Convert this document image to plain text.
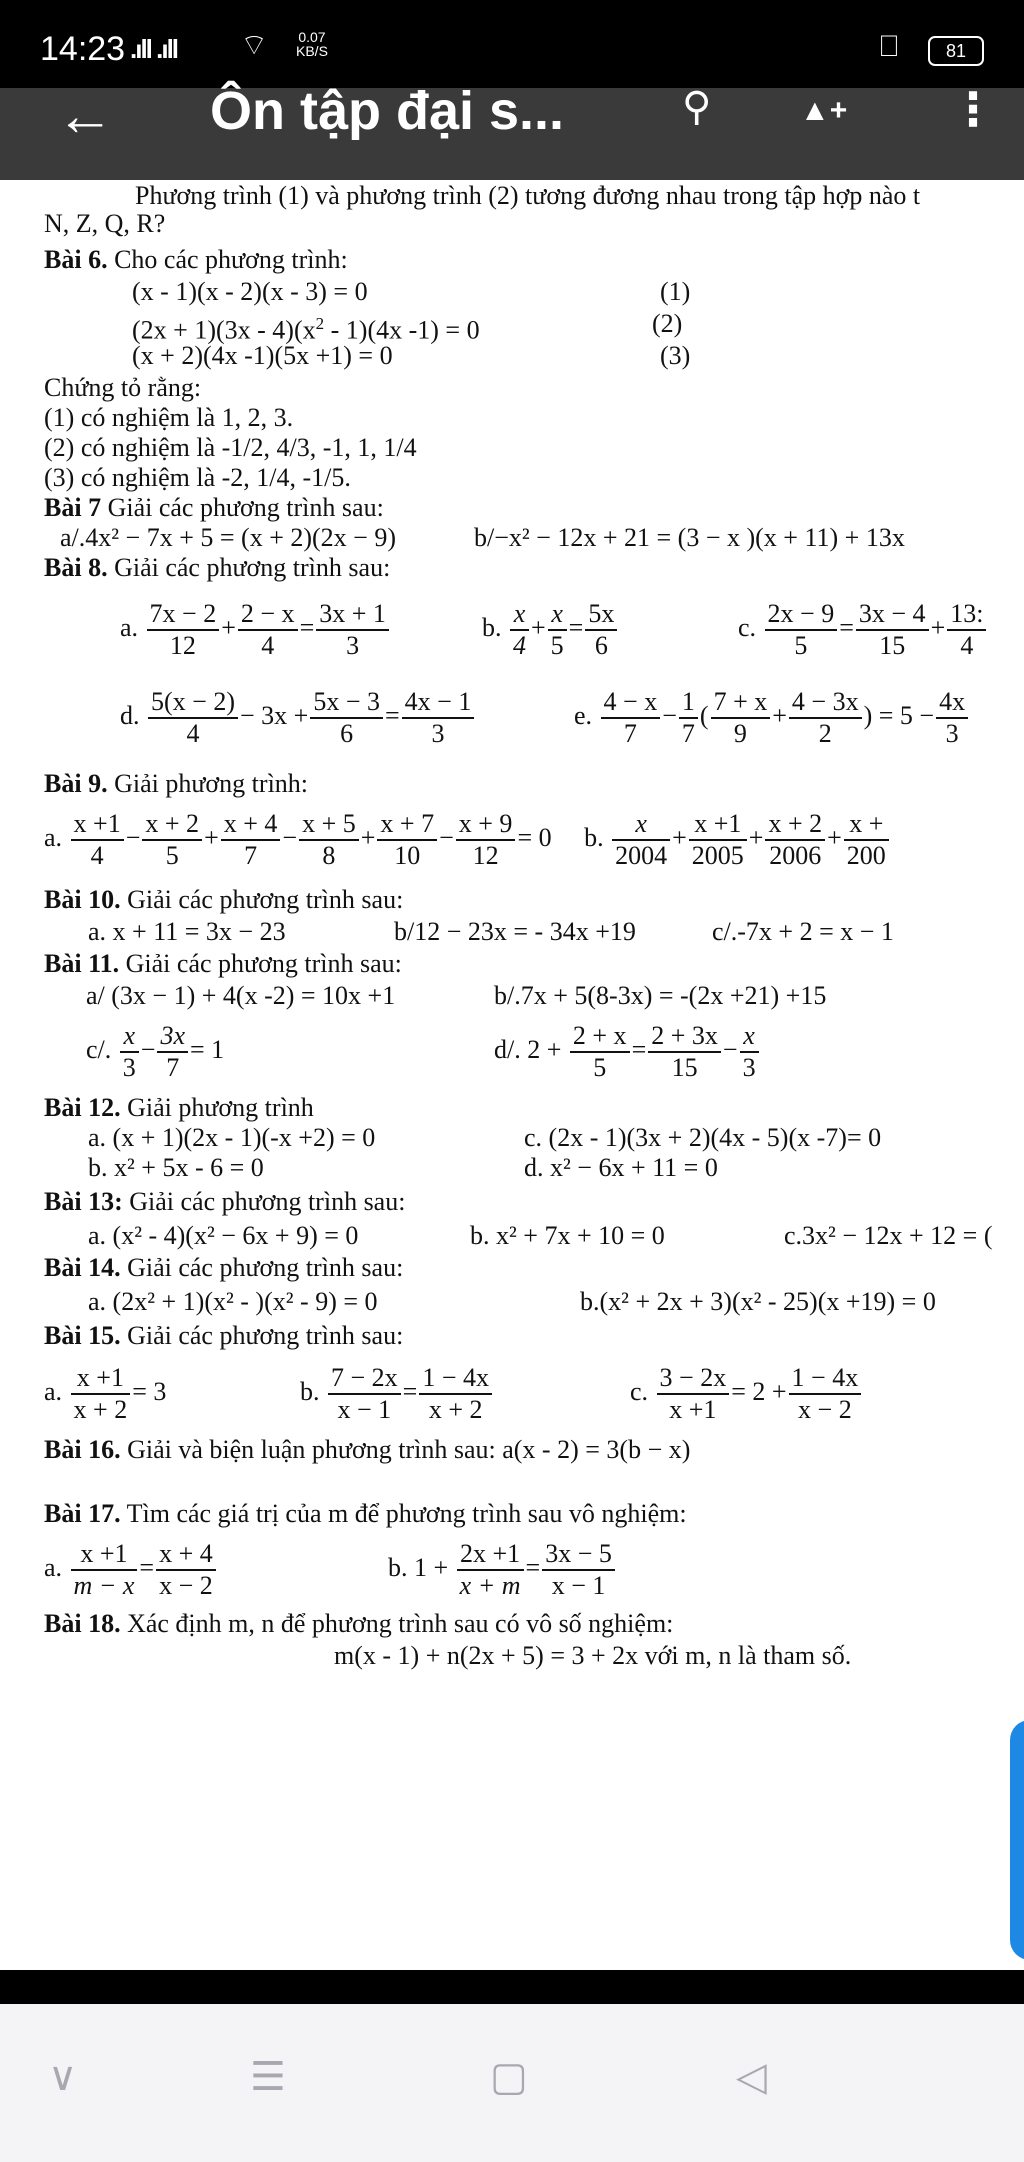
14:23 .ıll .ıll ⌔ 0.07
KB/S	⎕	81
← Ôn tập đại s...	⚲	▲+ ⋮
Phương trình (1) và phương trình (2) tương đương nhau trong tập hợp nào t
N, Z, Q, R?
Bài 6. Cho các phương trình:
(x - 1)(x - 2)(x - 3) = 0	(1)
$(2x + 1)(3x - 4)(x^2 - 1)(4x$ -1) = 0	(2)
(x + 2)(4x -1)(5x +1) = 0	(3)
Chứng tỏ rằng:
(1) có nghiệm là 1, 2, 3.
(2) có nghiệm là -1/2, 4/3, -1, 1, 1/4
(3) có nghiệm là -2, 1/4, -1/5.
Bài 7 Giải các phương trình sau:
a/.4x² − 7x + 5 = (x + 2)(2x − 9)	b/−x² − 12x + 21 = (3 − x )(x + 11) + 13x
Bài 8. Giải các phương trình sau:
a. $\frac{7x - 2}{12} + \frac{2 - x}{4} = \frac{3x + 1}{3}$	b. $\frac{x}{4} + \frac{x}{5} = \frac{5x}{6}$	c. $\frac{2x - 9}{5} = \frac{3x - 4}{15} + \frac{13:}{4}$
d. $\frac{5(x - 2)}{4} - 3x + \frac{5x - 3}{6} = \frac{4x - 1}{3}$	e. $\frac{4 - x}{7} - \frac{1}{7}$ ( $\frac{7 + x}{9} + \frac{4 - 3x}{2}$ ) = $5 - \frac{4x}{3}$
Bài 9. Giải phương trình:
a. $\frac{x +1}{4} - \frac{x + 2}{5} + \frac{x + 4}{7} - \frac{x + 5}{8} + \frac{x + 7}{10} - \frac{x + 9}{12} = 0$ b. $\frac{x}{2004} + \frac{x +1}{2005} + \frac{x + 2}{2006} + \frac{x +}{200}$
Bài 10. Giải các phương trình sau:
a. x + 11 = 3x − 23	b/12 − 23x = - 34x +19	c/.-7x + 2 = x − 1
Bài 11. Giải các phương trình sau:
a/ (3x − 1) + 4(x -2) = 10x +1	b/.7x + 5(8-3x) = -(2x +21) +15
c/. $\frac{x}{3} - \frac{3x}{7} = 1$	d/. $2 + \frac{2 + x}{5} = \frac{2 + 3x}{15} - \frac{x}{3}$
Bài 12. Giải phương trình
a. (x + 1)(2x - 1)(-x +2) = 0	c. (2x - 1)(3x + 2)(4x - 5)(x -7)= 0
b. x² + 5x - 6 = 0	d. x² − 6x + 11 = 0
Bài 13: Giải các phương trình sau:
a. (x² - 4)(x² − 6x + 9) = 0	b. x² + 7x + 10 = 0	c.3x² − 12x + 12 = (
Bài 14. Giải các phương trình sau:
a. (2x² + 1)(x² - )(x² - 9) = 0	b.(x² + 2x + 3)(x² - 25)(x +19) = 0
Bài 15. Giải các phương trình sau:
a. $\frac{x +1}{x + 2} = 3$	b. $\frac{7 - 2x}{x - 1} = \frac{1 - 4x}{x + 2}$	c. $\frac{3 - 2x}{x +1} = 2 + \frac{1 - 4x}{x - 2}$
Bài 16. Giải và biện luận phương trình sau: a(x - 2) = 3(b − x)
Bài 17. Tìm các giá trị của m để phương trình sau vô nghiệm:
a. $\frac{x +1}{m - x} = \frac{x + 4}{x - 2}$	b. $1 + \frac{2x +1}{x + m} = \frac{3x - 5}{x - 1}$
Bài 18. Xác định m, n để phương trình sau có vô số nghiệm:
m(x - 1) + n(2x + 5) = 3 + 2x với m, n là tham số.
∨	☰	▢	◁
